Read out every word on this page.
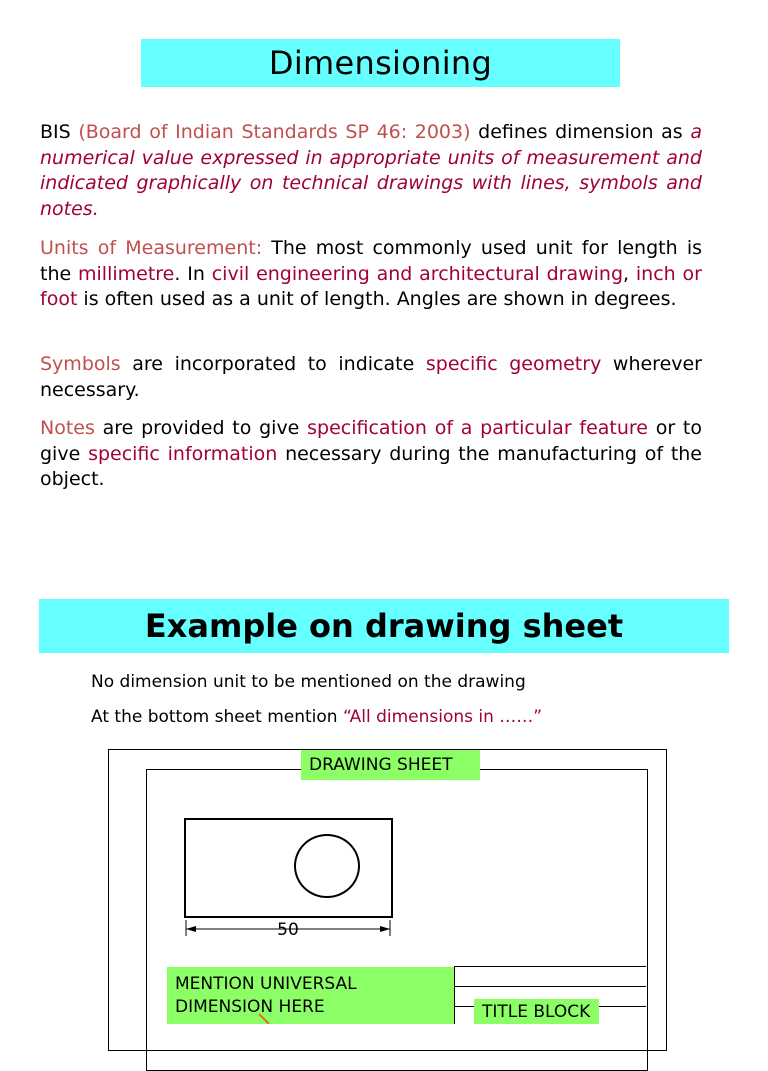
Dimensioning

BIS (Board of Indian Standards SP 46: 2003) defines dimension as a numerical value expressed in appropriate units of measurement and indicated graphically on technical drawings with lines, symbols and notes.

Units of Measurement: The most commonly used unit for length is the millimetre. In civil engineering and architectural drawing, inch or foot is often used as a unit of length. Angles are shown in degrees.

Symbols are incorporated to indicate specific geometry wherever necessary.

Notes are provided to give specification of a particular feature or to give specific information necessary during the manufacturing of the object.

Example on drawing sheet

No dimension unit to be mentioned on the drawing

At the bottom sheet mention “All dimensions in ……”

DRAWING SHEET
50
MENTION UNIVERSAL
DIMENSION HERE	TITLE BLOCK
